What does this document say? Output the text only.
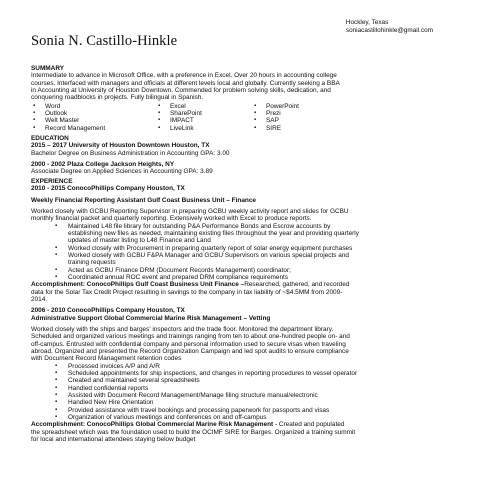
Hockley, Texas
soniacastillohinkle@gmail.com
Sonia N. Castillo-Hinkle
SUMMARY

Intermediate to advance in Microsoft Office, with a preference in Excel. Over 20 hours in accounting college

courses. Interfaced with managers and officials at different levels local and globally. Currently seeking a BBA

in Accounting at University of Houston Downtown. Commended for problem solving skills, dedication, and

conquering roadblocks in projects. Fully bilingual in Spanish.

▪ Word
▪ Outlook
▪ Welt Master
▪ Record Management
▪ Excel
▪ SharePoint
▪ IMPACT
▪ LiveLink
▪ PowerPoint
▪ Prezi
▪ SAP
▪ SIRE
EDUCATION
2015 – 2017 University of Houston Downtown Houston, TX
Bachelor Degree on Business Administration in Accounting GPA: 3.00
2000 - 2002 Plaza College Jackson Heights, NY
Associate Degree on Applied Sciences in Accounting GPA: 3.89
EXPERIENCE
2010 - 2015 ConocoPhillips Company Houston, TX
Weekly Financial Reporting Assistant Gulf Coast Business Unit – Finance
Worked closely with GCBU Reporting Supervisor in preparing GCBU weekly activity report and slides for GCBU
monthly financial packet and quarterly reporting. Extensively worked with Excel to produce reports.
▪ Maintained L48 file library for outstanding P&A Performance Bonds and Escrow accounts by
establishing new files as needed, maintaining existing files throughout the year and providing quarterly
updates of master listing to L48 Finance and Land
▪ Worked closely with Procurement in preparing quarterly report of solar energy equipment purchases
▪ Worked closely with GCBU F&PA Manager and GCBU Supervisors on various special projects and
training requests
▪ Acted as GCBU Finance DRM (Document Records Management) coordinator;
▪ Coordinated annual ROC event and prepared DRM compliance requirements
Accomplishment: ConocoPhillips Gulf Coast Business Unit Finance –Researched, gathered, and recorded
data for the Solar Tax Credit Project resulting in savings to the company in tax liability of ~$4.5MM from 2009-
2014.
2006 - 2010 ConocoPhillips Company Houston, TX
Administrative Support Global Commercial Marine Risk Management – Vetting
Worked closely with the ships and barges' inspectors and the trade floor. Monitored the department library.
Scheduled and organized various meetings and trainings ranging from ten to about one-hundred people on- and
off-campus. Entrusted with confidential company and personal information used to secure visas when traveling
abroad. Organized and presented the Record Organization Campaign and led spot audits to ensure compliance
with Document Record Management retention codes
▪ Processed invoices A/P and A/R
▪ Scheduled appointments for ship inspections, and changes in reporting procedures to vessel operator
▪ Created and maintained several spreadsheets
▪ Handled confidential reports
▪ Assisted with Document Record Management/Manage filing structure manual/electronic
▪ Handled New Hire Orientation
▪ Provided assistance with travel bookings and processing paperwork for passports and visas
▪ Organization of various meetings and conferences on and off-campus
Accomplishment: ConocoPhillips Global Commercial Marine Risk Management - Created and populated
the spreadsheet which was the foundation used to build the OCIMF SIRE for Barges. Organized a training summit
for local and international attendees staying below budget
